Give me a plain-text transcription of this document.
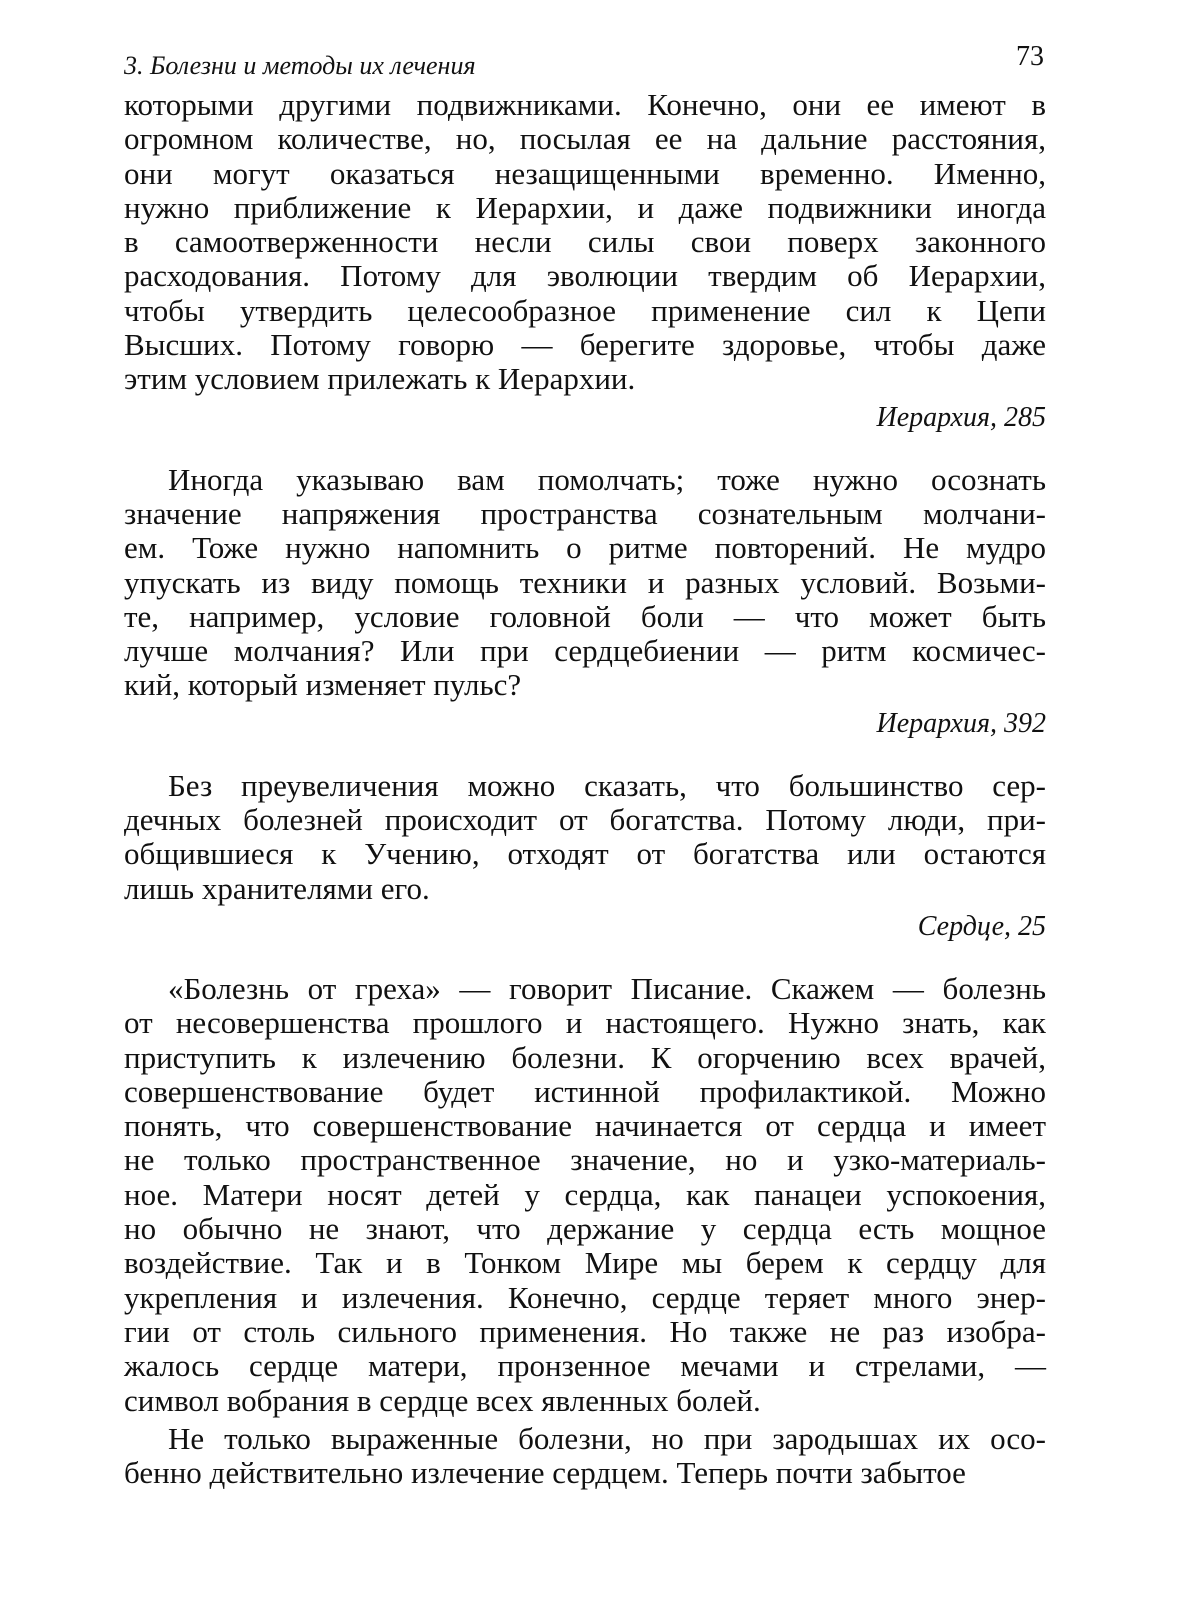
3. Болезни и методы их лечения	73
которыми другими подвижниками. Конечно, они ее имеют в
огромном количестве, но, посылая ее на дальние расстояния,
они могут оказаться незащищенными временно. Именно,
нужно приближение к Иерархии, и даже подвижники иногда
в самоотверженности несли силы свои поверх законного
расходования. Потому для эволюции твердим об Иерархии,
чтобы утвердить целесообразное применение сил к Цепи
Высших. Потому говорю — берегите здоровье, чтобы даже
этим условием прилежать к Иерархии.
Иерархия, 285
Иногда указываю вам помолчать; тоже нужно осознать
значение напряжения пространства сознательным молчани-
ем. Тоже нужно напомнить о ритме повторений. Не мудро
упускать из виду помощь техники и разных условий. Возьми-
те, например, условие головной боли — что может быть
лучше молчания? Или при сердцебиении — ритм космичес-
кий, который изменяет пульс?
Иерархия, 392
Без преувеличения можно сказать, что большинство сер-
дечных болезней происходит от богатства. Потому люди, при-
общившиеся к Учению, отходят от богатства или остаются
лишь хранителями его.
Сердце, 25
«Болезнь от греха» — говорит Писание. Скажем — болезнь
от несовершенства прошлого и настоящего. Нужно знать, как
приступить к излечению болезни. К огорчению всех врачей,
совершенствование будет истинной профилактикой. Можно
понять, что совершенствование начинается от сердца и имеет
не только пространственное значение, но и узко-материаль-
ное. Матери носят детей у сердца, как панацеи успокоения,
но обычно не знают, что держание у сердца есть мощное
воздействие. Так и в Тонком Мире мы берем к сердцу для
укрепления и излечения. Конечно, сердце теряет много энер-
гии от столь сильного применения. Но также не раз изобра-
жалось сердце матери, пронзенное мечами и стрелами, —
символ вобрания в сердце всех явленных болей.
Не только выраженные болезни, но при зародышах их осо-
бенно действительно излечение сердцем. Теперь почти забытое
